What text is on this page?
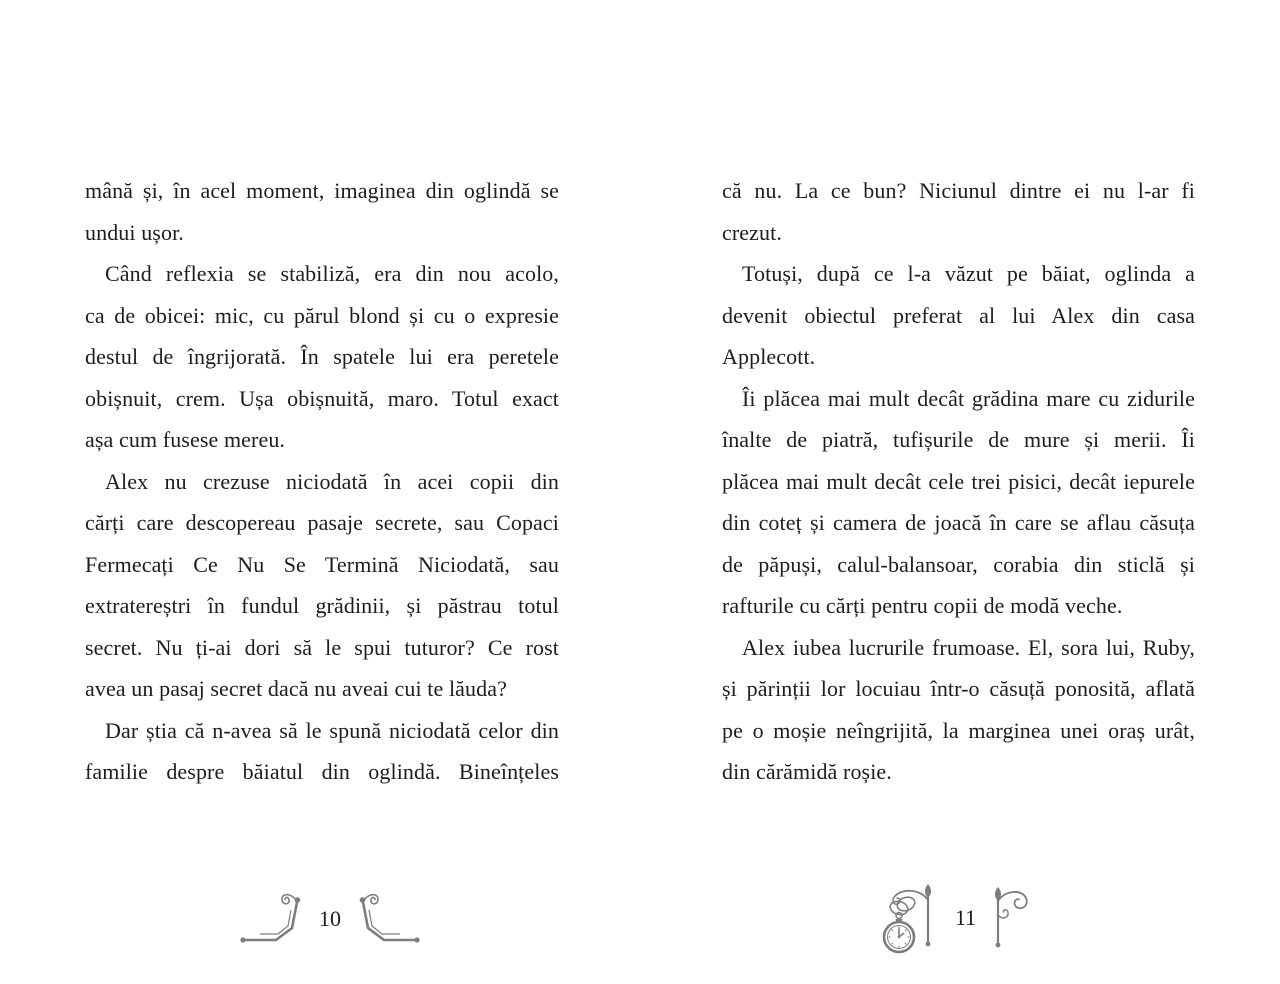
mână și, în acel moment, imaginea din oglindă se
undui ușor.
Când reflexia se stabiliză, era din nou acolo,
ca de obicei: mic, cu părul blond și cu o expresie
destul de îngrijorată. În spatele lui era peretele
obișnuit, crem. Ușa obișnuită, maro. Totul exact
așa cum fusese mereu.
Alex nu crezuse niciodată în acei copii din
cărți care descopereau pasaje secrete, sau Copaci
Fermecați Ce Nu Se Termină Niciodată, sau
extratereștri în fundul grădinii, și păstrau totul
secret. Nu ți-ai dori să le spui tuturor? Ce rost
avea un pasaj secret dacă nu aveai cui te lăuda?
Dar știa că n-avea să le spună niciodată celor din
familie despre băiatul din oglindă. Bineînțeles
că nu. La ce bun? Niciunul dintre ei nu l-ar fi
crezut.
Totuși, după ce l-a văzut pe băiat, oglinda a
devenit obiectul preferat al lui Alex din casa
Applecott.
Îi plăcea mai mult decât grădina mare cu zidurile
înalte de piatră, tufișurile de mure și merii. Îi
plăcea mai mult decât cele trei pisici, decât iepurele
din coteț și camera de joacă în care se aflau căsuța
de păpuși, calul-balansoar, corabia din sticlă și
rafturile cu cărți pentru copii de modă veche.
Alex iubea lucrurile frumoase. El, sora lui, Ruby,
și părinții lor locuiau într-o căsuță ponosită, aflată
pe o moșie neîngrijită, la marginea unei oraș urât,
din cărămidă roșie.
10	11
